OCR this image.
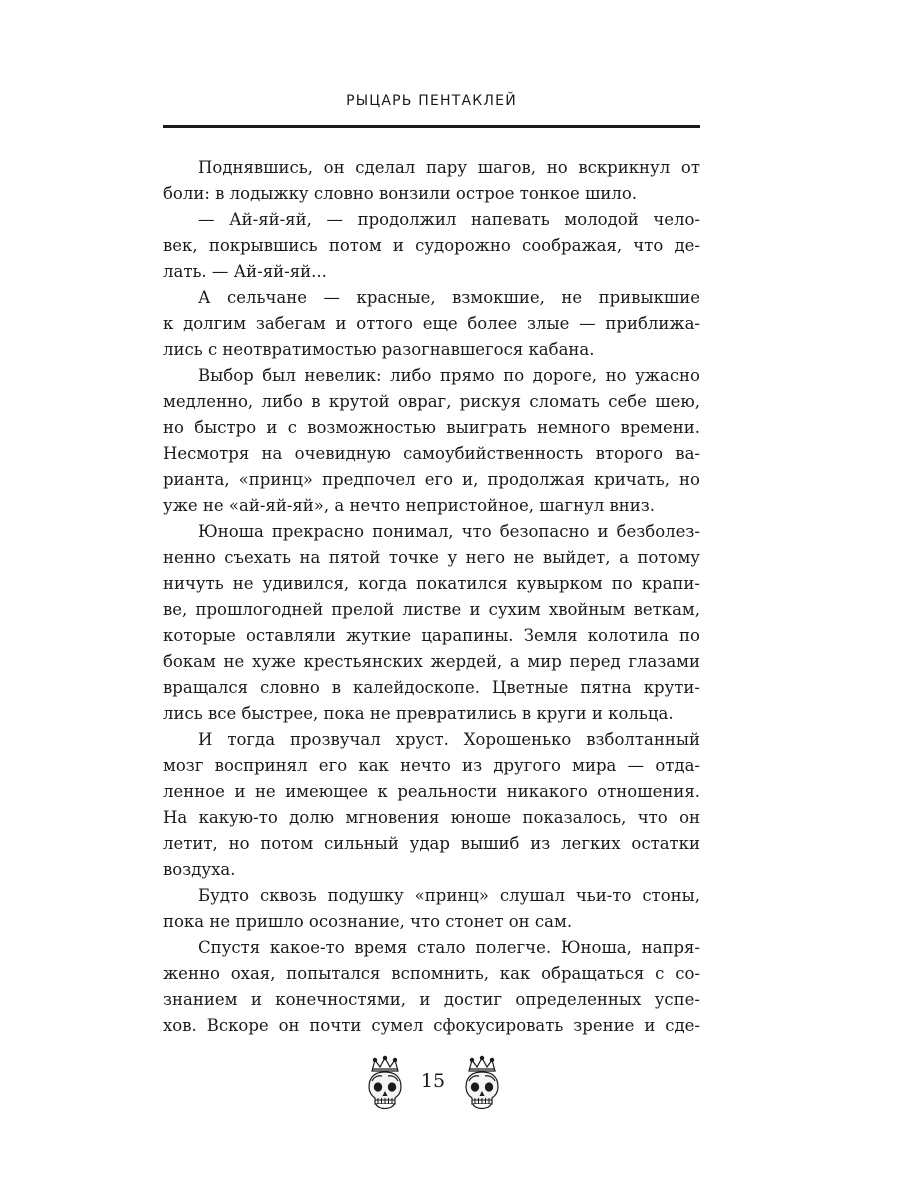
РЫЦАРЬ ПЕНТАКЛЕЙ
Поднявшись, он сделал пару шагов, но вскрикнул от
боли: в лодыжку словно вонзили острое тонкое шило.
— Ай-яй-яй, — продолжил напевать молодой чело-
век, покрывшись потом и судорожно соображая, что де-
лать. — Ай-яй-яй...
А сельчане — красные, взмокшие, не привыкшие
к долгим забегам и оттого еще более злые — приближа-
лись с неотвратимостью разогнавшегося кабана.
Выбор был невелик: либо прямо по дороге, но ужасно
медленно, либо в крутой овраг, рискуя сломать себе шею,
но быстро и с возможностью выиграть немного времени.
Несмотря на очевидную самоубийственность второго ва-
рианта, «принц» предпочел его и, продолжая кричать, но
уже не «ай-яй-яй», а нечто непристойное, шагнул вниз.
Юноша прекрасно понимал, что безопасно и безболез-
ненно съехать на пятой точке у него не выйдет, а потому
ничуть не удивился, когда покатился кувырком по крапи-
ве, прошлогодней прелой листве и сухим хвойным веткам,
которые оставляли жуткие царапины. Земля колотила по
бокам не хуже крестьянских жердей, а мир перед глазами
вращался словно в калейдоскопе. Цветные пятна крути-
лись все быстрее, пока не превратились в круги и кольца.
И тогда прозвучал хруст. Хорошенько взболтанный
мозг воспринял его как нечто из другого мира — отда-
ленное и не имеющее к реальности никакого отношения.
На какую-то долю мгновения юноше показалось, что он
летит, но потом сильный удар вышиб из легких остатки
воздуха.
Будто сквозь подушку «принц» слушал чьи-то стоны,
пока не пришло осознание, что стонет он сам.
Спустя какое-то время стало полегче. Юноша, напря-
женно охая, попытался вспомнить, как обращаться с со-
знанием и конечностями, и достиг определенных успе-
хов. Вскоре он почти сумел сфокусировать зрение и сде-
15
